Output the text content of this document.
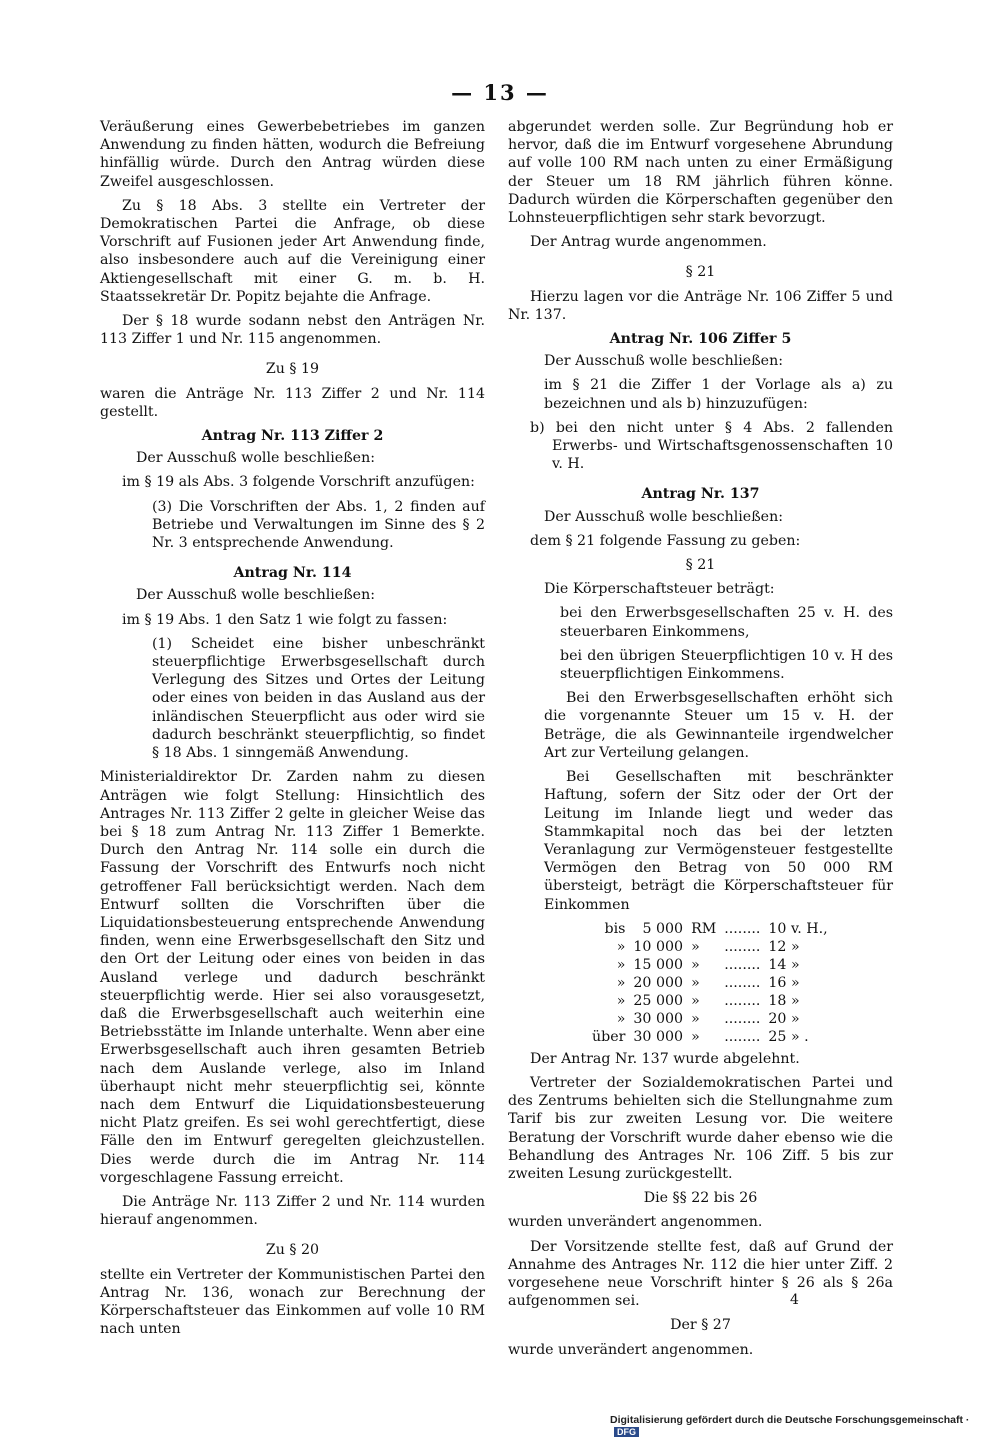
— 13 —

Veräußerung eines Gewerbebetriebes im ganzen Anwendung zu finden hätten, wodurch die Befreiung hinfällig würde. Durch den Antrag würden diese Zweifel ausgeschlossen.

Zu § 18 Abs. 3 stellte ein Vertreter der Demokratischen Partei die Anfrage, ob diese Vorschrift auf Fusionen jeder Art Anwendung finde, also insbesondere auch auf die Vereinigung einer Aktiengesellschaft mit einer G. m. b. H. Staatssekretär Dr. Popitz bejahte die Anfrage.

Der § 18 wurde sodann nebst den Anträgen Nr. 113 Ziffer 1 und Nr. 115 angenommen.

Zu § 19

waren die Anträge Nr. 113 Ziffer 2 und Nr. 114 gestellt.

Antrag Nr. 113 Ziffer 2

Der Ausschuß wolle beschließen:

im § 19 als Abs. 3 folgende Vorschrift anzufügen:

(3) Die Vorschriften der Abs. 1, 2 finden auf Betriebe und Verwaltungen im Sinne des § 2 Nr. 3 entsprechende Anwendung.

Antrag Nr. 114

Der Ausschuß wolle beschließen:

im § 19 Abs. 1 den Satz 1 wie folgt zu fassen:

(1) Scheidet eine bisher unbeschränkt steuerpflichtige Erwerbsgesellschaft durch Verlegung des Sitzes und Ortes der Leitung oder eines von beiden in das Ausland aus der inländischen Steuerpflicht aus oder wird sie dadurch beschränkt steuerpflichtig, so findet § 18 Abs. 1 sinngemäß Anwendung.

Ministerialdirektor Dr. Zarden nahm zu diesen Anträgen wie folgt Stellung: Hinsichtlich des Antrages Nr. 113 Ziffer 2 gelte in gleicher Weise das bei § 18 zum Antrag Nr. 113 Ziffer 1 Bemerkte. Durch den Antrag Nr. 114 solle ein durch die Fassung der Vorschrift des Entwurfs noch nicht getroffener Fall berücksichtigt werden. Nach dem Entwurf sollten die Vorschriften über die Liquidationsbesteuerung entsprechende Anwendung finden, wenn eine Erwerbsgesellschaft den Sitz und den Ort der Leitung oder eines von beiden in das Ausland verlege und dadurch beschränkt steuerpflichtig werde. Hier sei also vorausgesetzt, daß die Erwerbsgesellschaft auch weiterhin eine Betriebsstätte im Inlande unterhalte. Wenn aber eine Erwerbsgesellschaft auch ihren gesamten Betrieb nach dem Auslande verlege, also im Inland überhaupt nicht mehr steuerpflichtig sei, könnte nach dem Entwurf die Liquidationsbesteuerung nicht Platz greifen. Es sei wohl gerechtfertigt, diese Fälle den im Entwurf geregelten gleichzustellen. Dies werde durch die im Antrag Nr. 114 vorgeschlagene Fassung erreicht.

Die Anträge Nr. 113 Ziffer 2 und Nr. 114 wurden hierauf angenommen.

Zu § 20

stellte ein Vertreter der Kommunistischen Partei den Antrag Nr. 136, wonach zur Berechnung der Körperschaftsteuer das Einkommen auf volle 10 RM nach unten

abgerundet werden solle. Zur Begründung hob er hervor, daß die im Entwurf vorgesehene Abrundung auf volle 100 RM nach unten zu einer Ermäßigung der Steuer um 18 RM jährlich führen könne. Dadurch würden die Körperschaften gegenüber den Lohnsteuerpflichtigen sehr stark bevorzugt.

Der Antrag wurde angenommen.

§ 21

Hierzu lagen vor die Anträge Nr. 106 Ziffer 5 und Nr. 137.

Antrag Nr. 106 Ziffer 5

Der Ausschuß wolle beschließen:

im § 21 die Ziffer 1 der Vorlage als a) zu bezeichnen und als b) hinzuzufügen:

b) bei den nicht unter § 4 Abs. 2 fallenden Erwerbs- und Wirtschaftsgenossenschaften 10 v. H.

Antrag Nr. 137

Der Ausschuß wolle beschließen:

dem § 21 folgende Fassung zu geben:

§ 21

Die Körperschaftsteuer beträgt:

bei den Erwerbsgesellschaften 25 v. H. des steuerbaren Einkommens,

bei den übrigen Steuerpflichtigen 10 v. H des steuerpflichtigen Einkommens.

Bei den Erwerbsgesellschaften erhöht sich die vorgenannte Steuer um 15 v. H. der Beträge, die als Gewinnanteile irgendwelcher Art zur Verteilung gelangen.

Bei Gesellschaften mit beschränkter Haftung, sofern der Sitz oder der Ort der Leitung im Inlande liegt und weder das Stammkapital noch das bei der letzten Veranlagung zur Vermögensteuer festgestellte Vermögen den Betrag von 50 000 RM übersteigt, beträgt die Körperschaftsteuer für Einkommen

bis	5 000	RM	........	10 v. H.,
»	10 000	»	........	12 »
»	15 000	»	........	14 »
»	20 000	»	........	16 »
»	25 000	»	........	18 »
»	30 000	»	........	20 »
über	30 000	»	........	25 » .

Der Antrag Nr. 137 wurde abgelehnt.

Vertreter der Sozialdemokratischen Partei und des Zentrums behielten sich die Stellungnahme zum Tarif bis zur zweiten Lesung vor. Die weitere Beratung der Vorschrift wurde daher ebenso wie die Behandlung des Antrages Nr. 106 Ziff. 5 bis zur zweiten Lesung zurückgestellt.

Die §§ 22 bis 26

wurden unverändert angenommen.

Der Vorsitzende stellte fest, daß auf Grund der Annahme des Antrages Nr. 112 die hier unter Ziff. 2 vorgesehene neue Vorschrift hinter § 26 als § 26a aufgenommen sei.

Der § 27

wurde unverändert angenommen.

4
Digitalisierung gefördert durch die Deutsche Forschungsgemeinschaft · DFG
